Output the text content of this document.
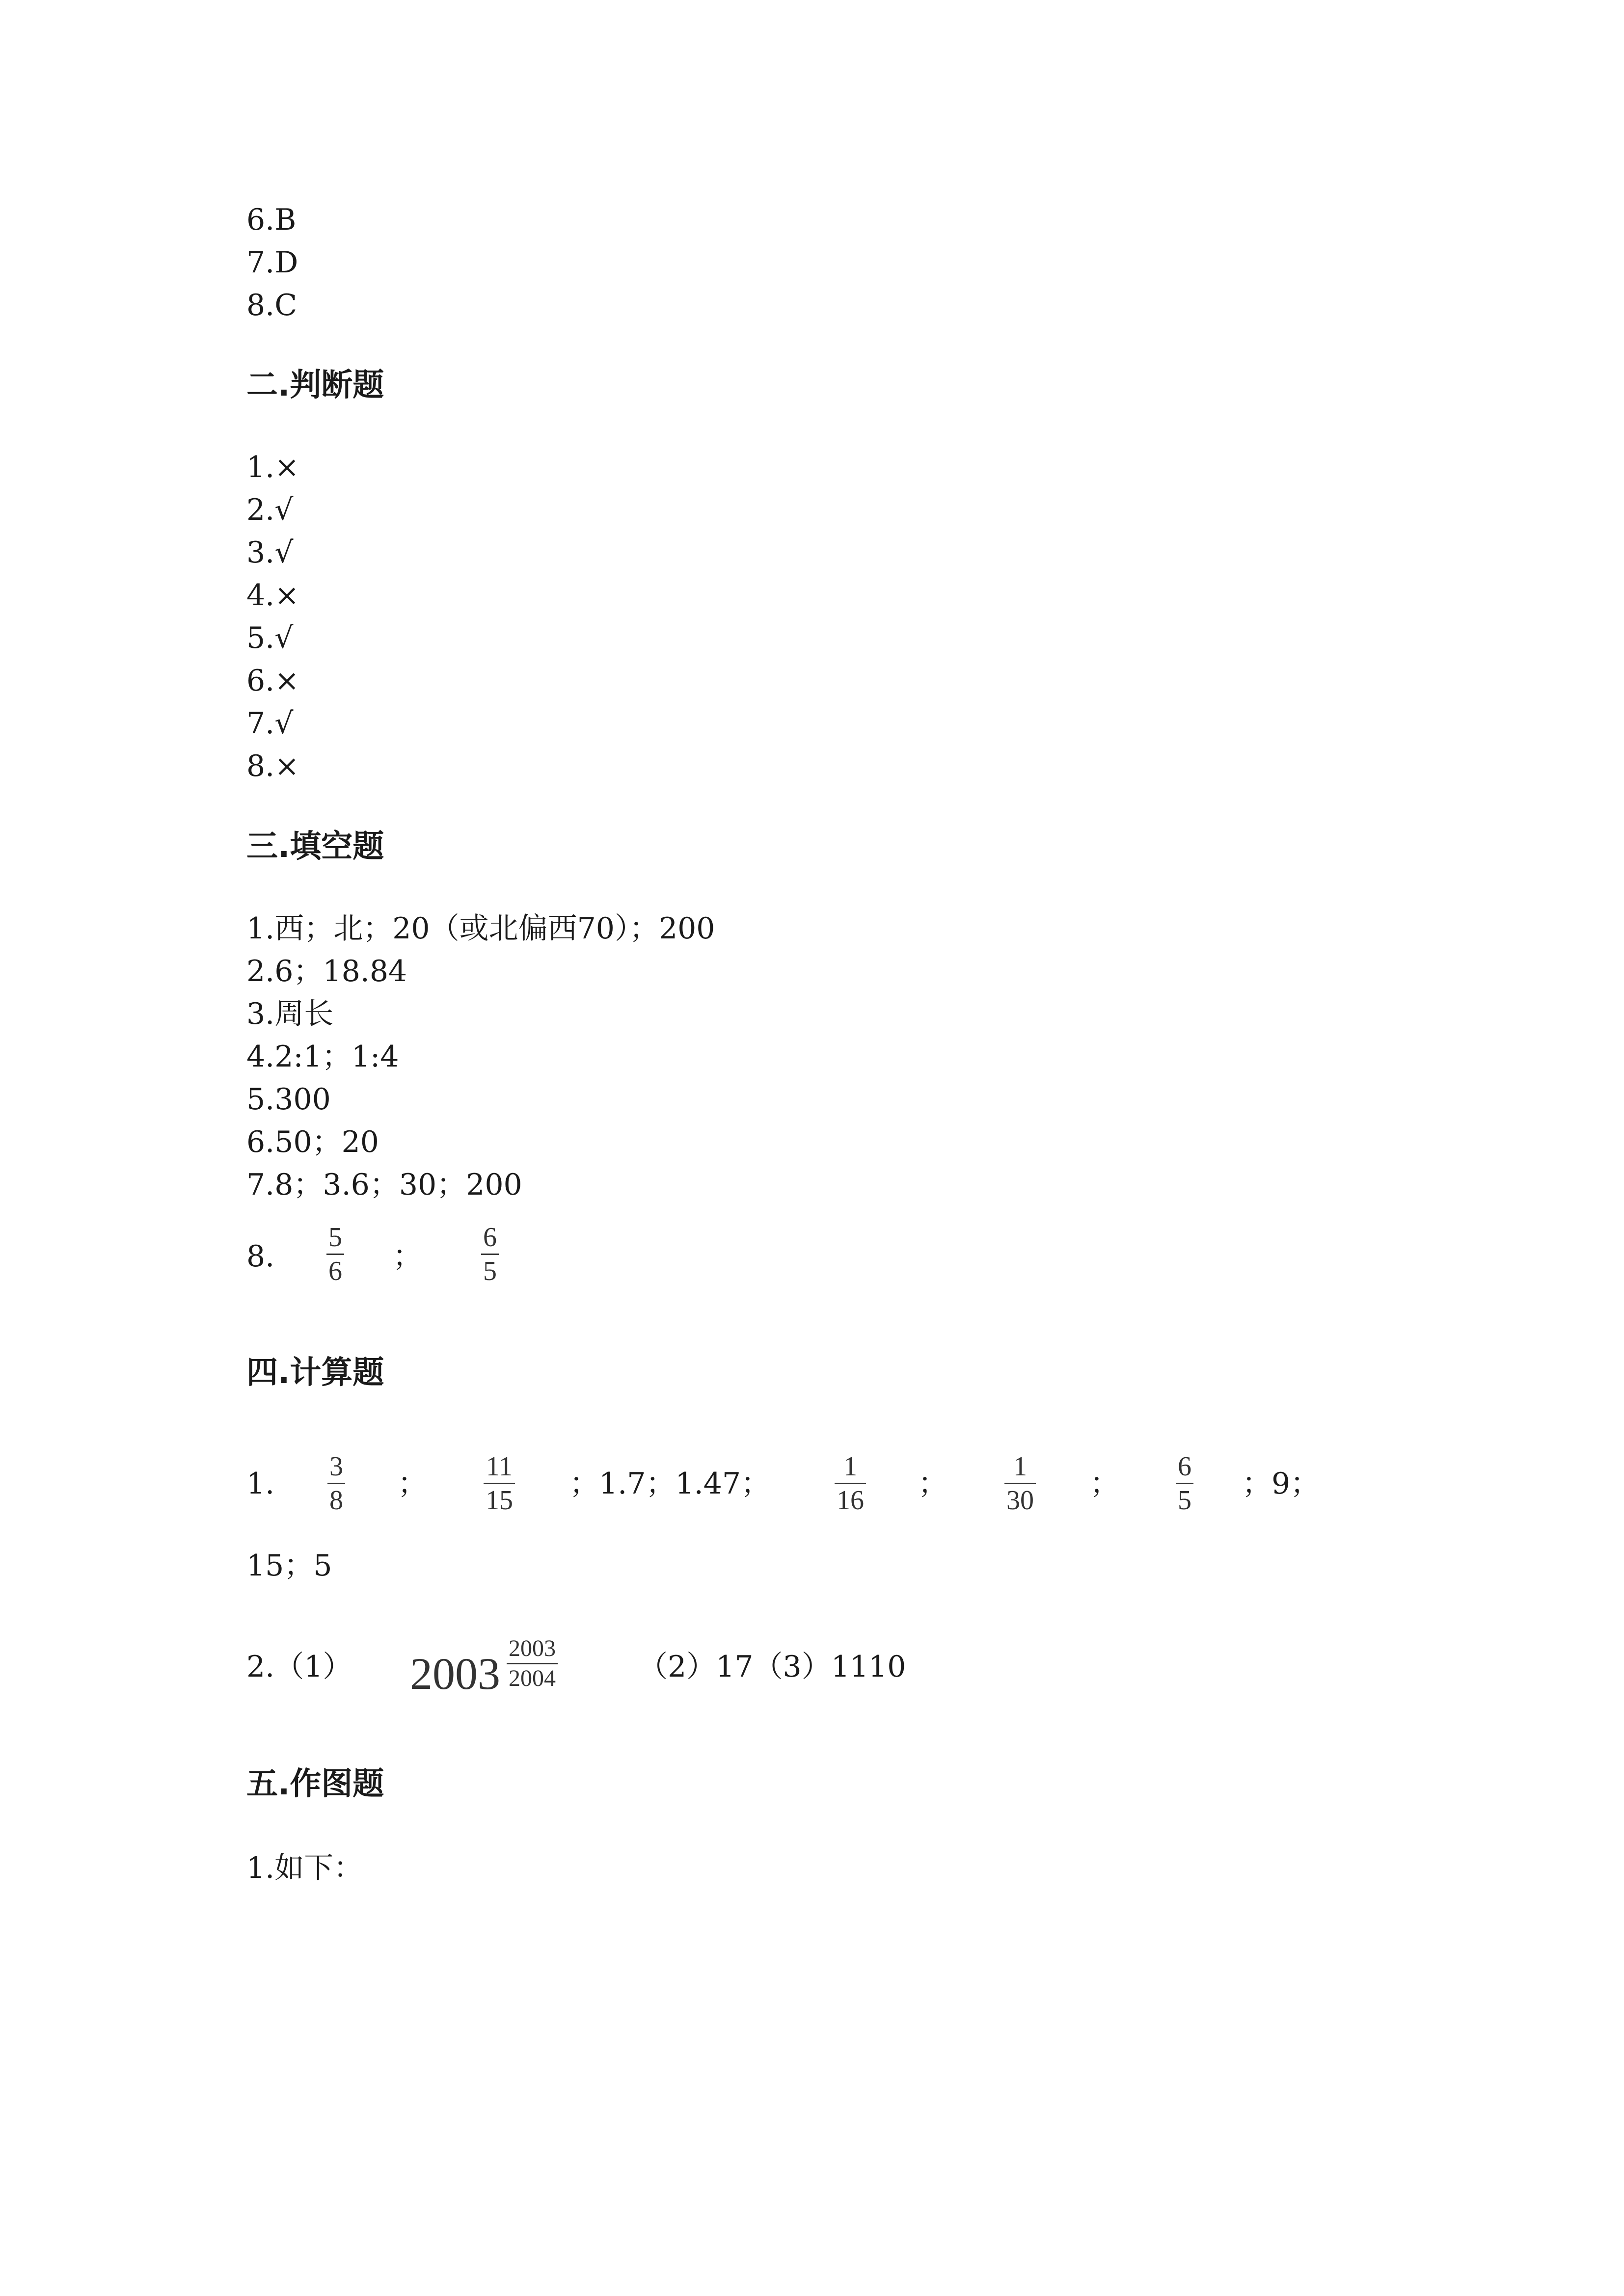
6.B
7.D
8.C
二.判断题
1.×
2.√
3.√
4.×
5.√
6.×
7.√
8.×
三.填空题
1.西；北；20（或北偏西70）；200
2.6；18.84
3.周长
4.2:1；1:4
5.300
6.50；20
7.8；3.6；30；200
8. $\frac{5}{6}$ ； $\frac{6}{5}$
四.计算题
1. $\frac{3}{8}$ ； $\frac{11}{15}$ ；1.7；1.47； $\frac{1}{16}$ ； $\frac{1}{30}$ ； $\frac{6}{5}$ ；9；
15；5
2.（1） $2003 \frac{2003}{2004}$	（2）17（3）1110
五.作图题
1.如下：
